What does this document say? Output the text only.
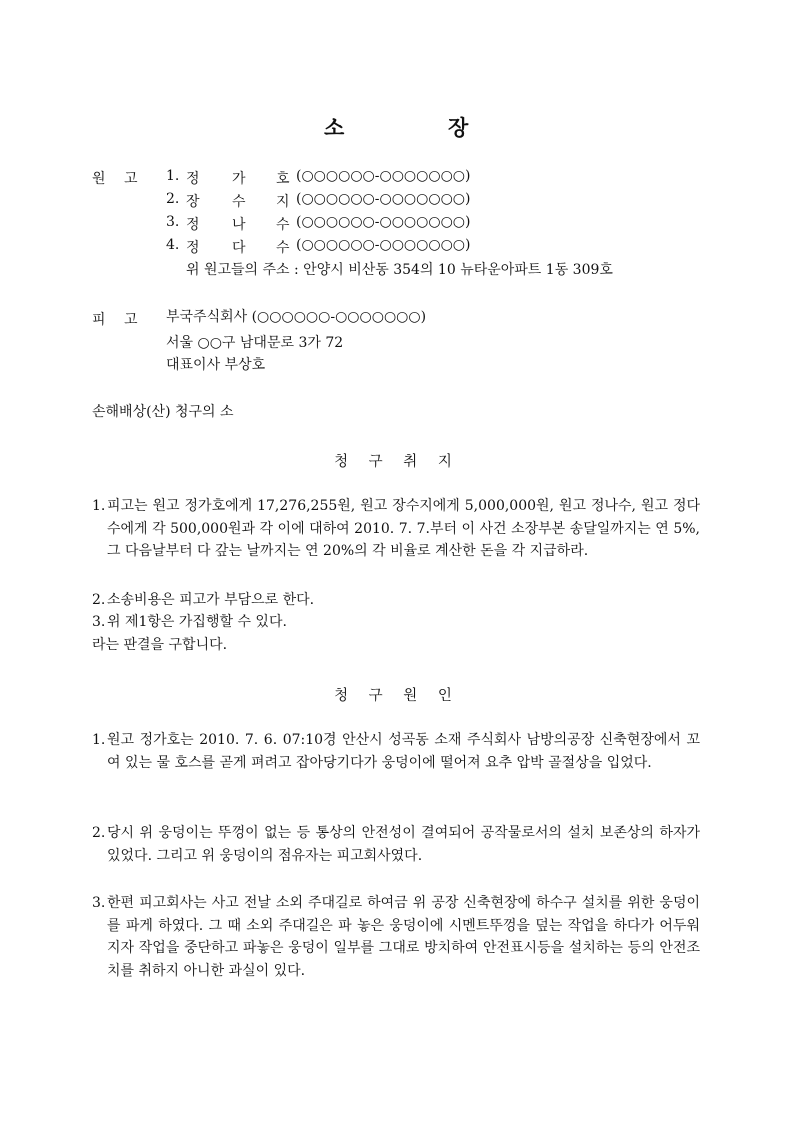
소	장
원 고 1. 정 가 호 (○○○○○○-○○○○○○○)
2. 장 수 지 (○○○○○○-○○○○○○○)
3. 정 나 수 (○○○○○○-○○○○○○○)
4. 정 다 수 (○○○○○○-○○○○○○○)
위 원고들의 주소 : 안양시 비산동 354의 10 뉴타운아파트 1동 309호
피 고 부국주식회사 (○○○○○○-○○○○○○○)
서울 ○○구 남대문로 3가 72
대표이사 부상호
손해배상(산) 청구의 소
청 구 취 지
1. 피고는 원고 정가호에게 17,276,255원, 원고 장수지에게 5,000,000원, 원고 정나수, 원고 정다수에게 각 500,000원과 각 이에 대하여 2010. 7. 7.부터 이 사건 소장부본 송달일까지는 연 5%, 그 다음날부터 다 갚는 날까지는 연 20%의 각 비율로 계산한 돈을 각 지급하라.
2. 소송비용은 피고가 부담으로 한다.
3. 위 제1항은 가집행할 수 있다.
라는 판결을 구합니다.
청 구 원 인
1. 원고 정가호는 2010. 7. 6. 07:10경 안산시 성곡동 소재 주식회사 남방의공장 신축현장에서 꼬여 있는 물 호스를 곧게 펴려고 잡아당기다가 웅덩이에 떨어져 요추 압박 골절상을 입었다.
2. 당시 위 웅덩이는 뚜껑이 없는 등 통상의 안전성이 결여되어 공작물로서의 설치 보존상의 하자가 있었다. 그리고 위 웅덩이의 점유자는 피고회사였다.
3. 한편 피고회사는 사고 전날 소외 주대길로 하여금 위 공장 신축현장에 하수구 설치를 위한 웅덩이를 파게 하였다. 그 때 소외 주대길은 파 놓은 웅덩이에 시멘트뚜껑을 덮는 작업을 하다가 어두워지자 작업을 중단하고 파놓은 웅덩이 일부를 그대로 방치하여 안전표시등을 설치하는 등의 안전조치를 취하지 아니한 과실이 있다.
